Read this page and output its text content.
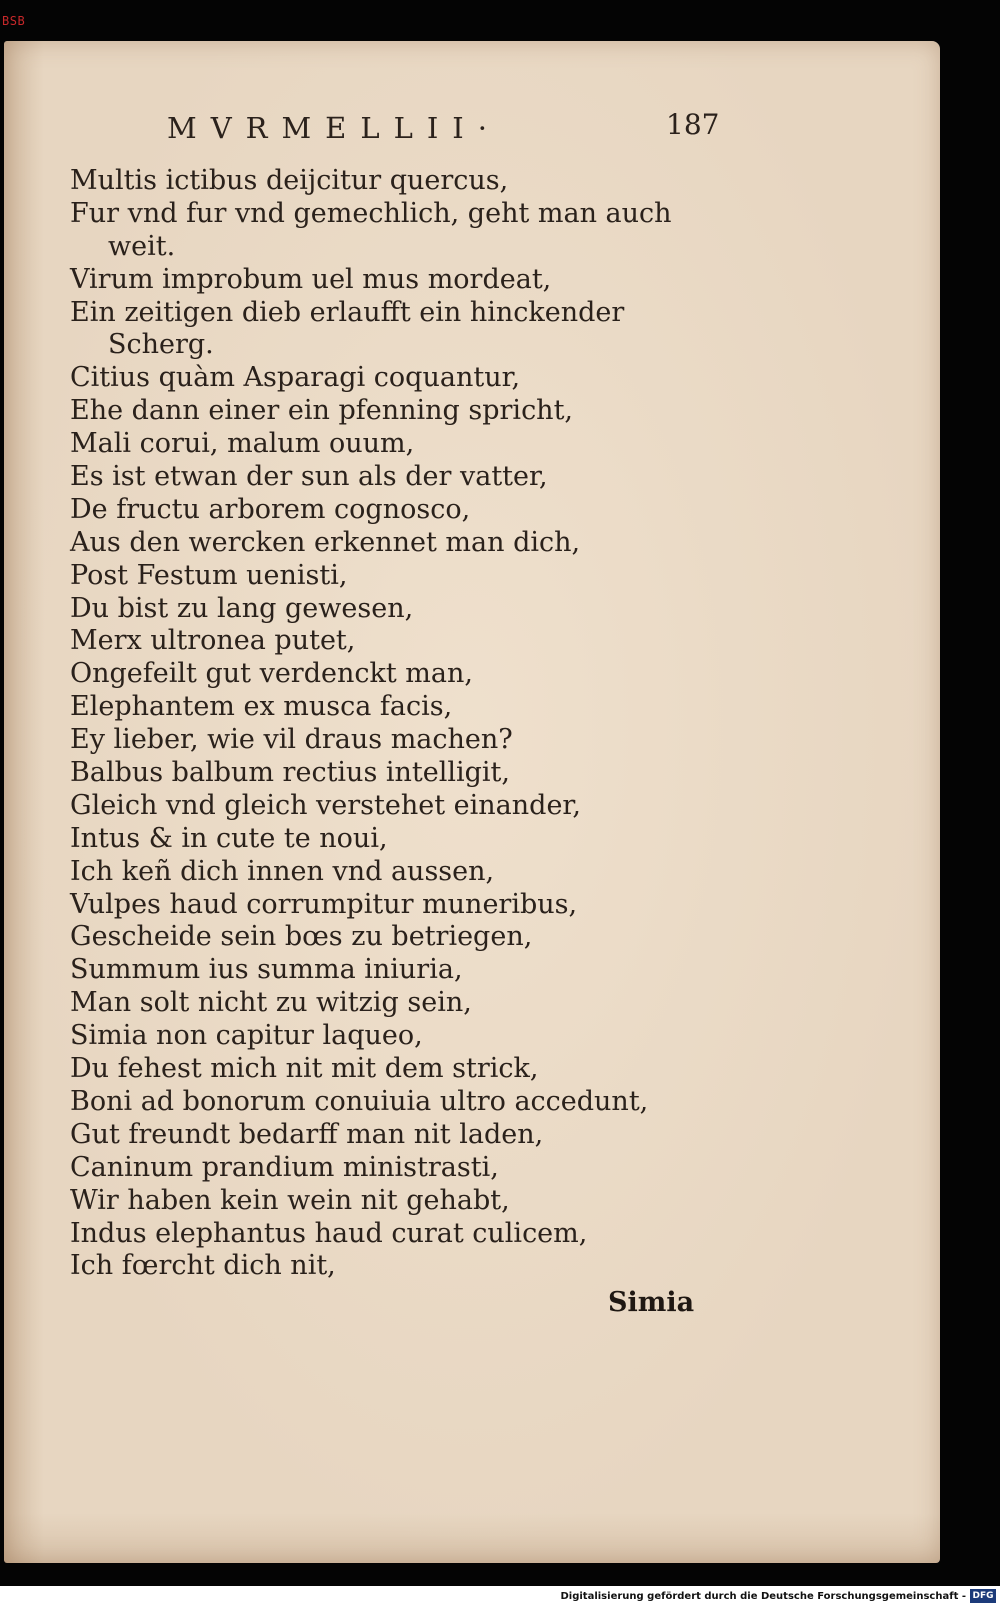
BSB
MVRMELLII·	187
Multis ictibus deijcitur quercus,
Fur vnd fur vnd gemechlich, geht man auch
weit.
Virum improbum uel mus mordeat,
Ein zeitigen dieb erlaufft ein hinckender
Scherg.
Citius quàm Asparagi coquantur,
Ehe dann einer ein pfenning spricht,
Mali corui, malum ouum,
Es ist etwan der sun als der vatter,
De fructu arborem cognosco,
Aus den wercken erkennet man dich,
Post Festum uenisti,
Du bist zu lang gewesen,
Merx ultronea putet,
Ongefeilt gut verdenckt man,
Elephantem ex musca facis,
Ey lieber, wie vil draus machen?
Balbus balbum rectius intelligit,
Gleich vnd gleich verstehet einander,
Intus & in cute te noui,
Ich keñ dich innen vnd aussen,
Vulpes haud corrumpitur muneribus,
Gescheide sein bœs zu betriegen,
Summum ius summa iniuria,
Man solt nicht zu witzig sein,
Simia non capitur laqueo,
Du fehest mich nit mit dem strick,
Boni ad bonorum conuiuia ultro accedunt,
Gut freundt bedarff man nit laden,
Caninum prandium ministrasti,
Wir haben kein wein nit gehabt,
Indus elephantus haud curat culicem,
Ich fœrcht dich nit,
Simia
Digitalisierung gefördert durch die Deutsche Forschungsgemeinschaft - DFG
